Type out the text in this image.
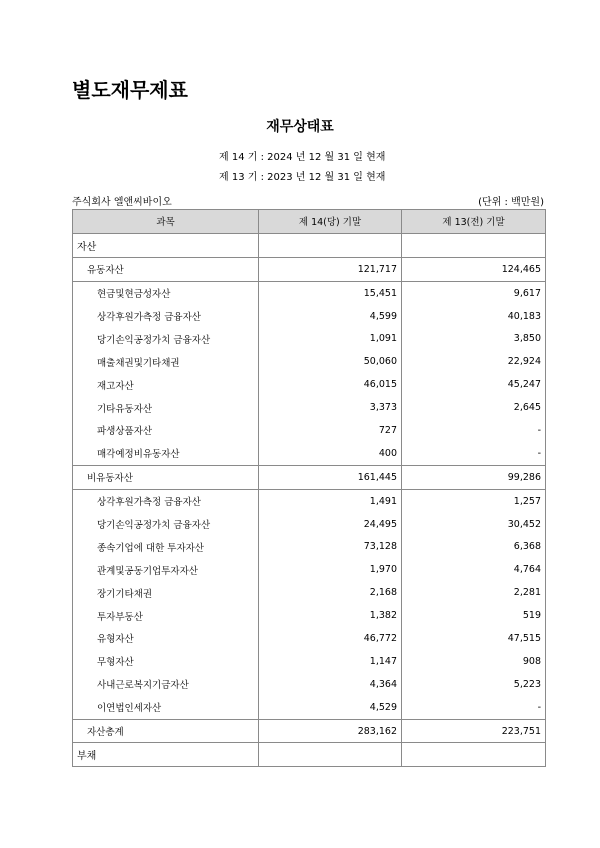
별도재무제표
재무상태표
제 14 기 : 2024 년 12 월 31 일 현재
제 13 기 : 2023 년 12 월 31 일 현재
주식회사 엘앤씨바이오	(단위 : 백만원)
과목	제 14(당) 기말	제 13(전) 기말
자산		
유동자산	121,717	124,465
현금및현금성자산	15,451	9,617
상각후원가측정 금융자산	4,599	40,183
당기손익공정가치 금융자산	1,091	3,850
매출채권및기타채권	50,060	22,924
재고자산	46,015	45,247
기타유동자산	3,373	2,645
파생상품자산	727	-
매각예정비유동자산	400	-
비유동자산	161,445	99,286
상각후원가측정 금융자산	1,491	1,257
당기손익공정가치 금융자산	24,495	30,452
종속기업에 대한 투자자산	73,128	6,368
관계및공동기업투자자산	1,970	4,764
장기기타채권	2,168	2,281
투자부동산	1,382	519
유형자산	46,772	47,515
무형자산	1,147	908
사내근로복지기금자산	4,364	5,223
이연법인세자산	4,529	-
자산총계	283,162	223,751
부채		
